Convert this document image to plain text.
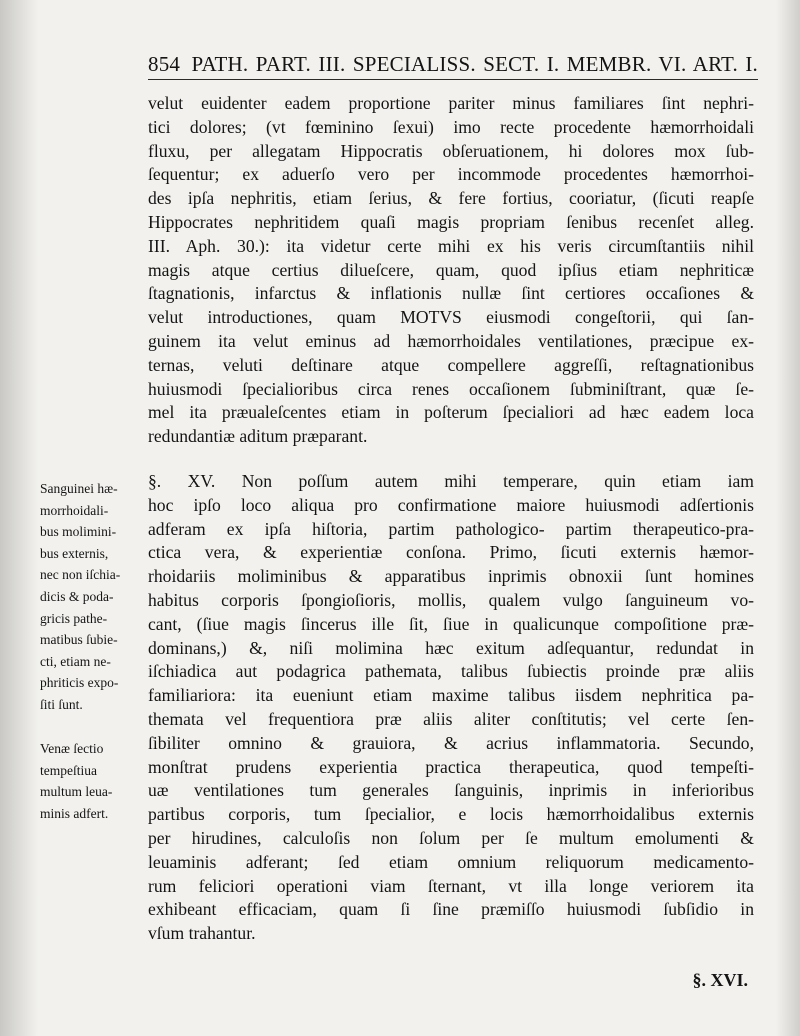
854 PATH. PART. III. SPECIALISS. SECT. I. MEMBR. VI. ART. I.
velut euidenter eadem proportione pariter minus familiares ſint nephri-
tici dolores; (vt fœminino ſexui) imo recte procedente hæmorrhoidali
fluxu, per allegatam Hippocratis obſeruationem, hi dolores mox ſub-
ſequentur; ex aduerſo vero per incommode procedentes hæmorrhoi-
des ipſa nephritis, etiam ſerius, & fere fortius, cooriatur, (ſicuti reapſe
Hippocrates nephritidem quaſi magis propriam ſenibus recenſet alleg.
III. Aph. 30.): ita videtur certe mihi ex his veris circumſtantiis nihil
magis atque certius dilueſcere, quam, quod ipſius etiam nephriticæ
ſtagnationis, infarctus & inflationis nullæ ſint certiores occaſiones &
velut introductiones, quam MOTVS eiusmodi congeſtorii, qui ſan-
guinem ita velut eminus ad hæmorrhoidales ventilationes, præcipue ex-
ternas, veluti deſtinare atque compellere aggreſſi, reſtagnationibus
huiusmodi ſpecialioribus circa renes occaſionem ſubminiſtrant, quæ ſe-
mel ita præualeſcentes etiam in poſterum ſpecialiori ad hæc eadem loca
redundantiæ aditum præparant.
Sanguinei hæ-
morrhoidali-
bus molimini-
bus externis,
nec non iſchia-
dicis & poda-
gricis pathe-
matibus ſubie-
cti, etiam ne-
phriticis expo-
ſiti ſunt.
§. XV. Non poſſum autem mihi temperare, quin etiam iam
hoc ipſo loco aliqua pro confirmatione maiore huiusmodi adſertionis
adferam ex ipſa hiſtoria, partim pathologico- partim therapeutico-pra-
ctica vera, & experientiæ conſona. Primo, ſicuti externis hæmor-
rhoidariis moliminibus & apparatibus inprimis obnoxii ſunt homines
habitus corporis ſpongioſioris, mollis, qualem vulgo ſanguineum vo-
cant, (ſiue magis ſincerus ille ſit, ſiue in qualicunque compoſitione præ-
dominans,) &, niſi molimina hæc exitum adſequantur, redundat in
iſchiadica aut podagrica pathemata, talibus ſubiectis proinde præ aliis
familiariora: ita eueniunt etiam maxime talibus iisdem nephritica pa-
themata vel frequentiora præ aliis aliter conſtitutis; vel certe ſen-
ſibiliter omnino & grauiora, & acrius inflammatoria. Secundo,
monſtrat prudens experientia practica therapeutica, quod tempeſti-
uæ ventilationes tum generales ſanguinis, inprimis in inferioribus
partibus corporis, tum ſpecialior, e locis hæmorrhoidalibus externis
per hirudines, calculoſis non ſolum per ſe multum emolumenti &
leuaminis adferant; ſed etiam omnium reliquorum medicamento-
rum feliciori operationi viam ſternant, vt illa longe veriorem ita
exhibeant efficaciam, quam ſi ſine præmiſſo huiusmodi ſubſidio in
vſum trahantur.
Venæ ſectio
tempeſtiua
multum leua-
minis adfert.
§. XVI.
